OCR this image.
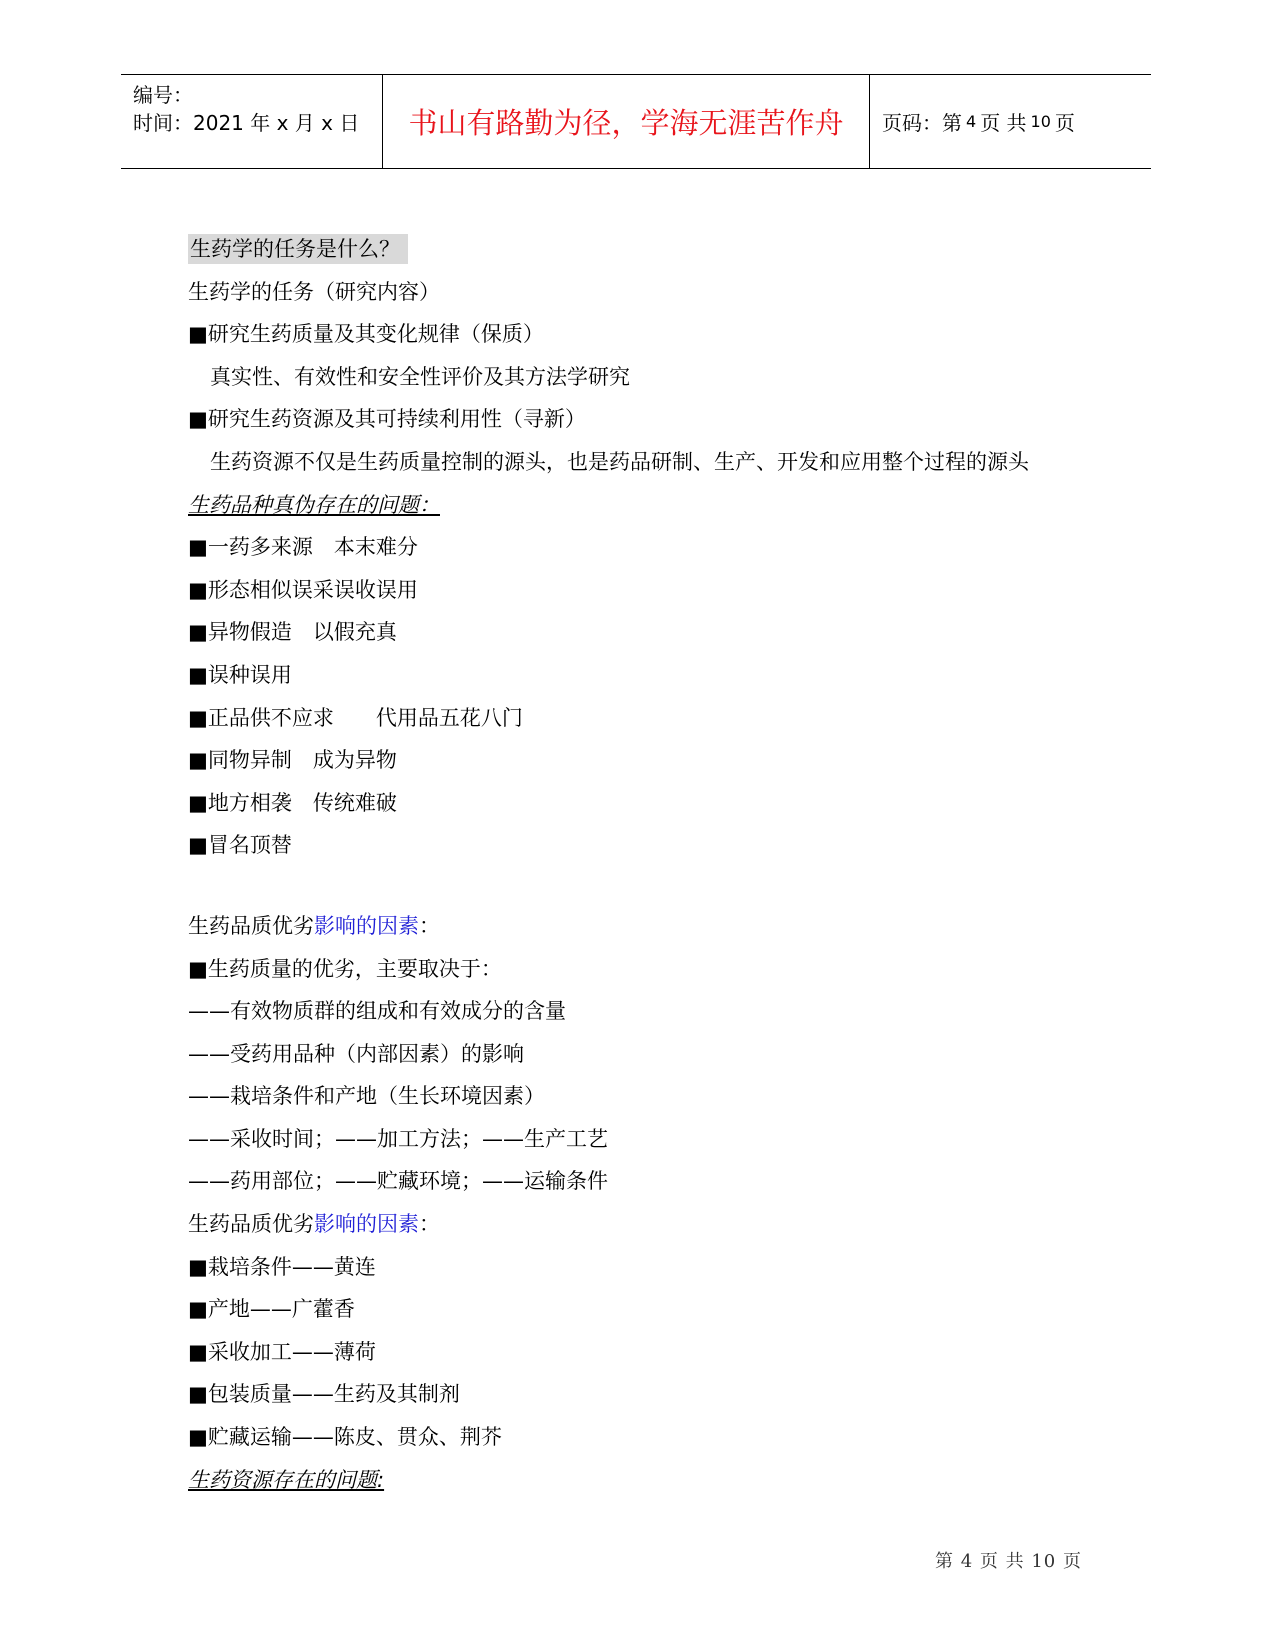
编号：
时间：2021 年 x 月 x 日	书山有路勤为径，学海无涯苦作舟	页码：第 4 页 共 10 页
生药学的任务是什么？
生药学的任务（研究内容）
■研究生药质量及其变化规律（保质）
真实性、有效性和安全性评价及其方法学研究
■研究生药资源及其可持续利用性（寻新）
生药资源不仅是生药质量控制的源头，也是药品研制、生产、开发和应用整个过程的源头
生药品种真伪存在的问题：
■一药多来源　本末难分
■形态相似误采误收误用
■异物假造　以假充真
■误种误用
■正品供不应求　　代用品五花八门
■同物异制　成为异物
■地方相袭　传统难破
■冒名顶替
生药品质优劣影响的因素：
■生药质量的优劣，主要取决于：
——有效物质群的组成和有效成分的含量
——受药用品种（内部因素）的影响
——栽培条件和产地（生长环境因素）
——采收时间；——加工方法；——生产工艺
——药用部位；——贮藏环境；——运输条件
生药品质优劣影响的因素：
■栽培条件——黄连
■产地——广藿香
■采收加工——薄荷
■包装质量——生药及其制剂
■贮藏运输——陈皮、贯众、荆芥
生药资源存在的问题:
第 4 页 共 10 页
